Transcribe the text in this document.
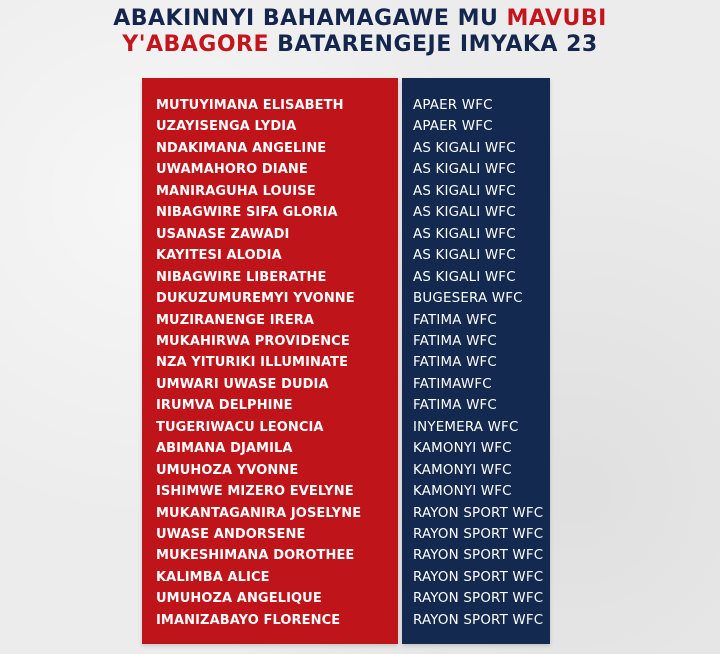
ABAKINNYI BAHAMAGAWE MU MAVUBI
Y'ABAGORE BATARENGEJE IMYAKA 23
MUTUYIMANA ELISABETH	APAER WFC
UZAYISENGA LYDIA	APAER WFC
NDAKIMANA ANGELINE	AS KIGALI WFC
UWAMAHORO DIANE	AS KIGALI WFC
MANIRAGUHA LOUISE	AS KIGALI WFC
NIBAGWIRE SIFA GLORIA	AS KIGALI WFC
USANASE ZAWADI	AS KIGALI WFC
KAYITESI ALODIA	AS KIGALI WFC
NIBAGWIRE LIBERATHE	AS KIGALI WFC
DUKUZUMUREMYI YVONNE	BUGESERA WFC
MUZIRANENGE IRERA	FATIMA WFC
MUKAHIRWA PROVIDENCE	FATIMA WFC
NZA YITURIKI ILLUMINATE	FATIMA WFC
UMWARI UWASE DUDIA	FATIMAWFC
IRUMVA DELPHINE	FATIMA WFC
TUGERIWACU LEONCIA	INYEMERA WFC
ABIMANA DJAMILA	KAMONYI WFC
UMUHOZA YVONNE	KAMONYI WFC
ISHIMWE MIZERO EVELYNE	KAMONYI WFC
MUKANTAGANIRA JOSELYNE	RAYON SPORT WFC
UWASE ANDORSENE	RAYON SPORT WFC
MUKESHIMANA DOROTHEE	RAYON SPORT WFC
KALIMBA ALICE	RAYON SPORT WFC
UMUHOZA ANGELIQUE	RAYON SPORT WFC
IMANIZABAYO FLORENCE	RAYON SPORT WFC
